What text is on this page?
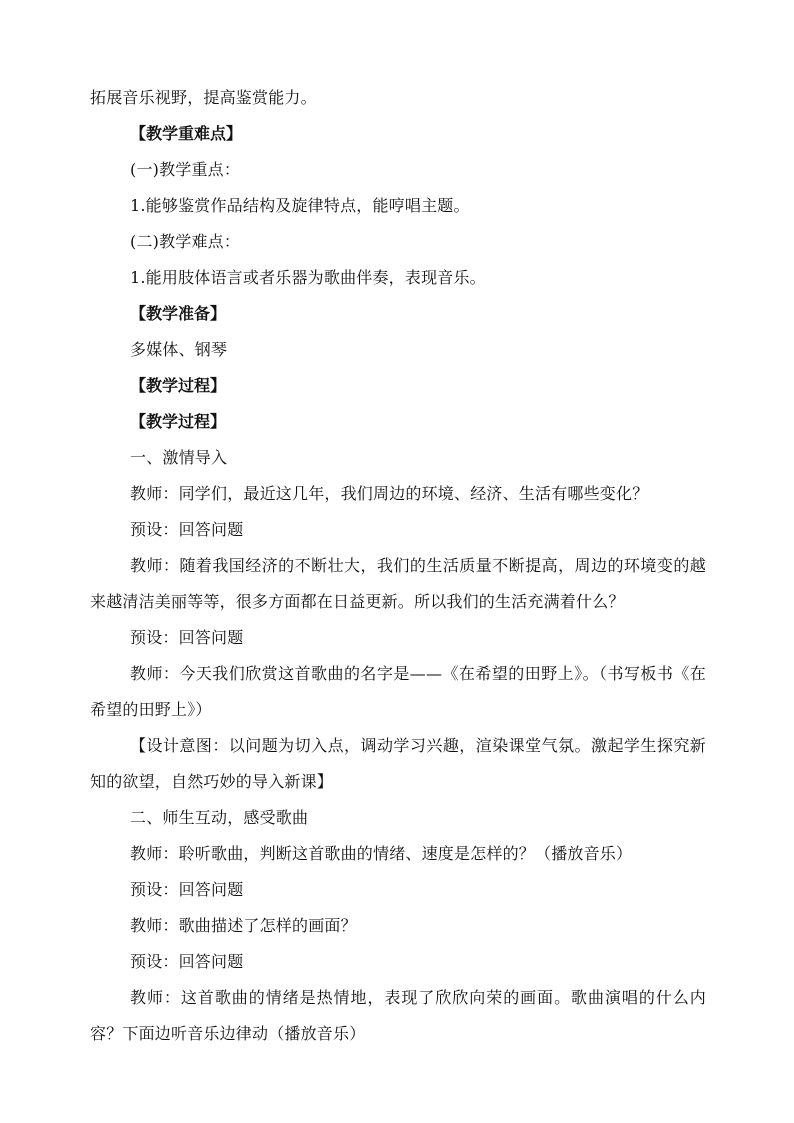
拓展音乐视野，提高鉴赏能力。

【教学重难点】

(一)教学重点：

1.能够鉴赏作品结构及旋律特点，能哼唱主题。

(二)教学难点：

1.能用肢体语言或者乐器为歌曲伴奏，表现音乐。

【教学准备】

多媒体、钢琴

【教学过程】

【教学过程】

一、激情导入

教师：同学们，最近这几年，我们周边的环境、经济、生活有哪些变化？

预设：回答问题

教师：随着我国经济的不断壮大，我们的生活质量不断提高，周边的环境变的越来越清洁美丽等等，很多方面都在日益更新。所以我们的生活充满着什么？

预设：回答问题

教师：今天我们欣赏这首歌曲的名字是——《在希望的田野上》。（书写板书《在希望的田野上》）

【设计意图：以问题为切入点，调动学习兴趣，渲染课堂气氛。激起学生探究新知的欲望，自然巧妙的导入新课】

二、师生互动，感受歌曲

教师：聆听歌曲，判断这首歌曲的情绪、速度是怎样的？（播放音乐）

预设：回答问题

教师：歌曲描述了怎样的画面？

预设：回答问题

教师：这首歌曲的情绪是热情地，表现了欣欣向荣的画面。歌曲演唱的什么内容？下面边听音乐边律动（播放音乐）
